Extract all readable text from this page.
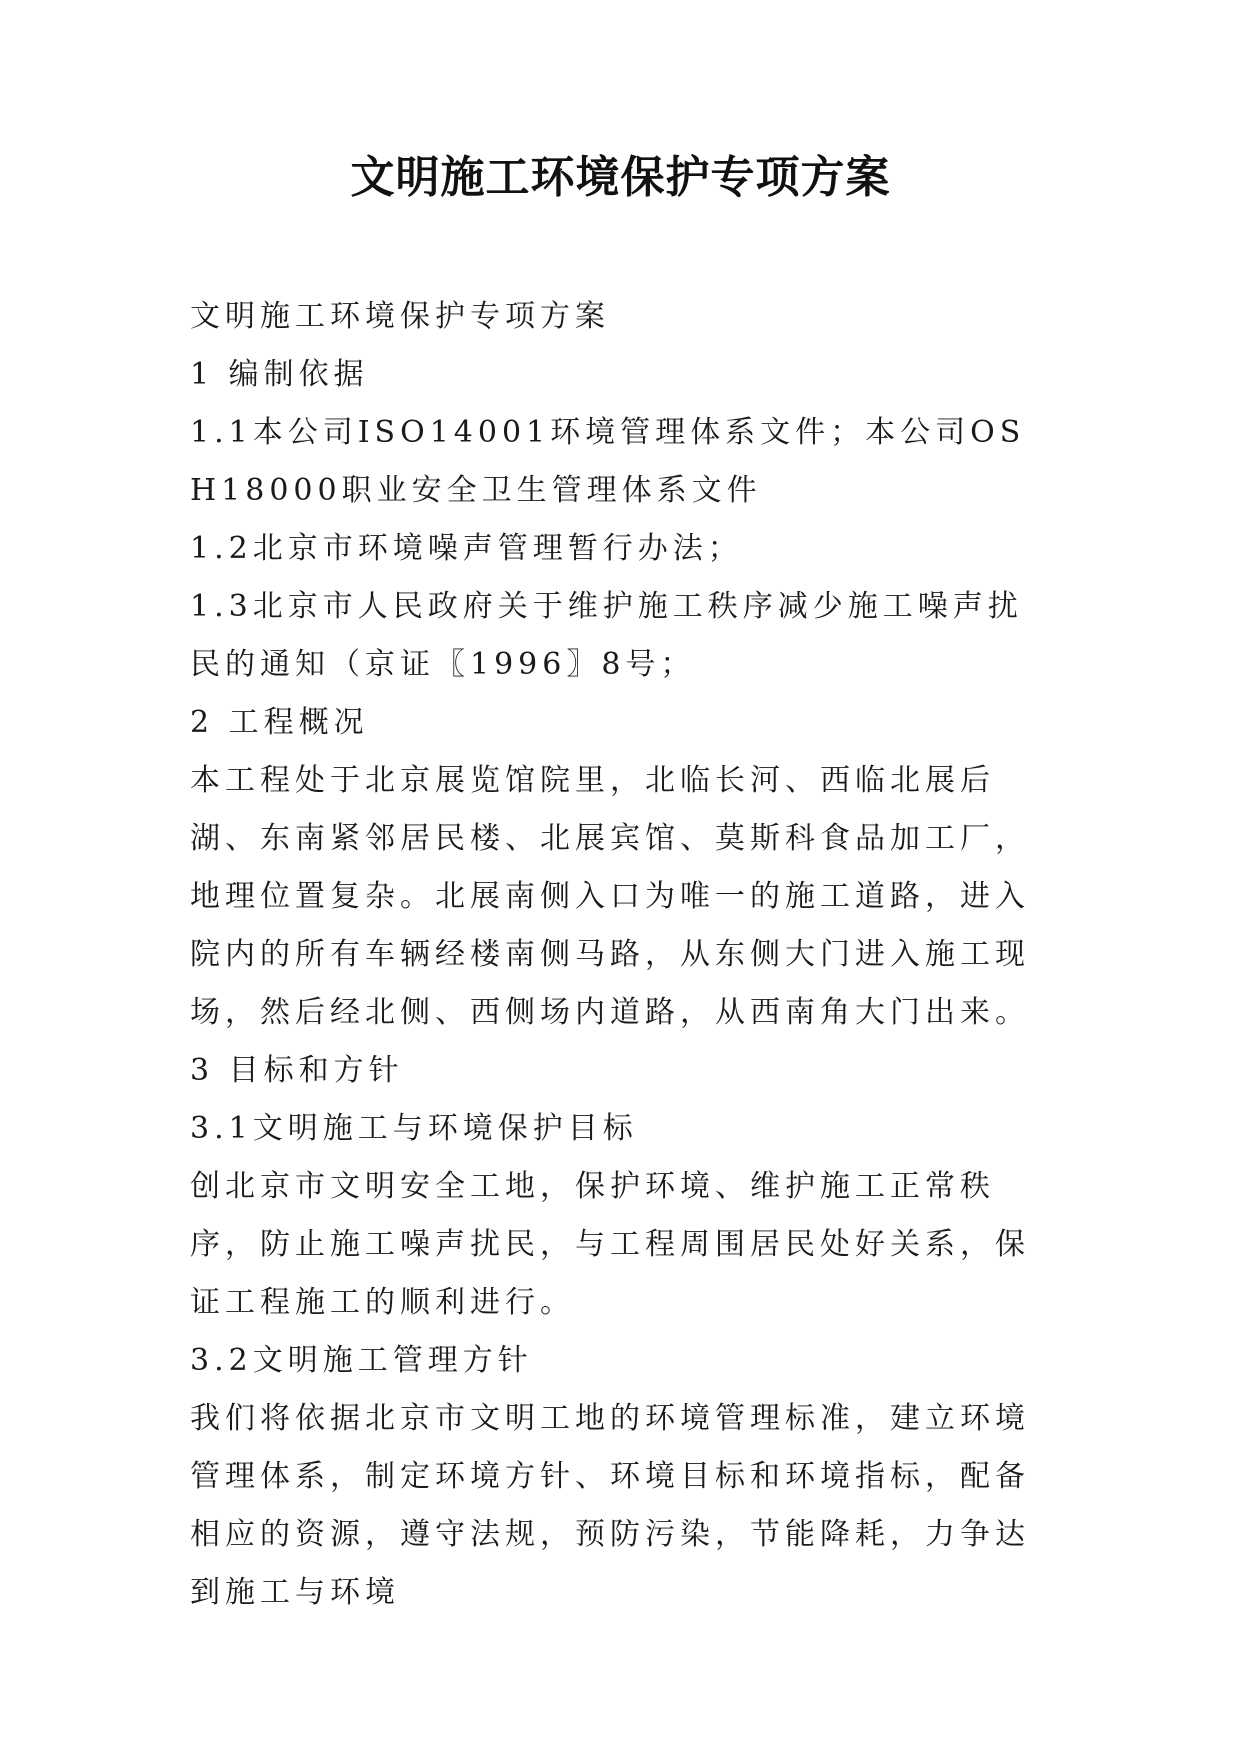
文明施工环境保护专项方案

文明施工环境保护专项方案

1 编制依据

1.1本公司ISO14001环境管理体系文件；本公司OSH18000职业安全卫生管理体系文件

1.2北京市环境噪声管理暂行办法；

1.3北京市人民政府关于维护施工秩序减少施工噪声扰民的通知（京证〖1996〗8号；

2 工程概况

本工程处于北京展览馆院里，北临长河、西临北展后湖、东南紧邻居民楼、北展宾馆、莫斯科食品加工厂，地理位置复杂。北展南侧入口为唯一的施工道路，进入院内的所有车辆经楼南侧马路，从东侧大门进入施工现场，然后经北侧、西侧场内道路，从西南角大门出来。

3 目标和方针

3.1文明施工与环境保护目标

创北京市文明安全工地，保护环境、维护施工正常秩序，防止施工噪声扰民，与工程周围居民处好关系，保证工程施工的顺利进行。

3.2文明施工管理方针

我们将依据北京市文明工地的环境管理标准，建立环境管理体系，制定环境方针、环境目标和环境指标，配备相应的资源，遵守法规，预防污染，节能降耗，力争达到施工与环境
